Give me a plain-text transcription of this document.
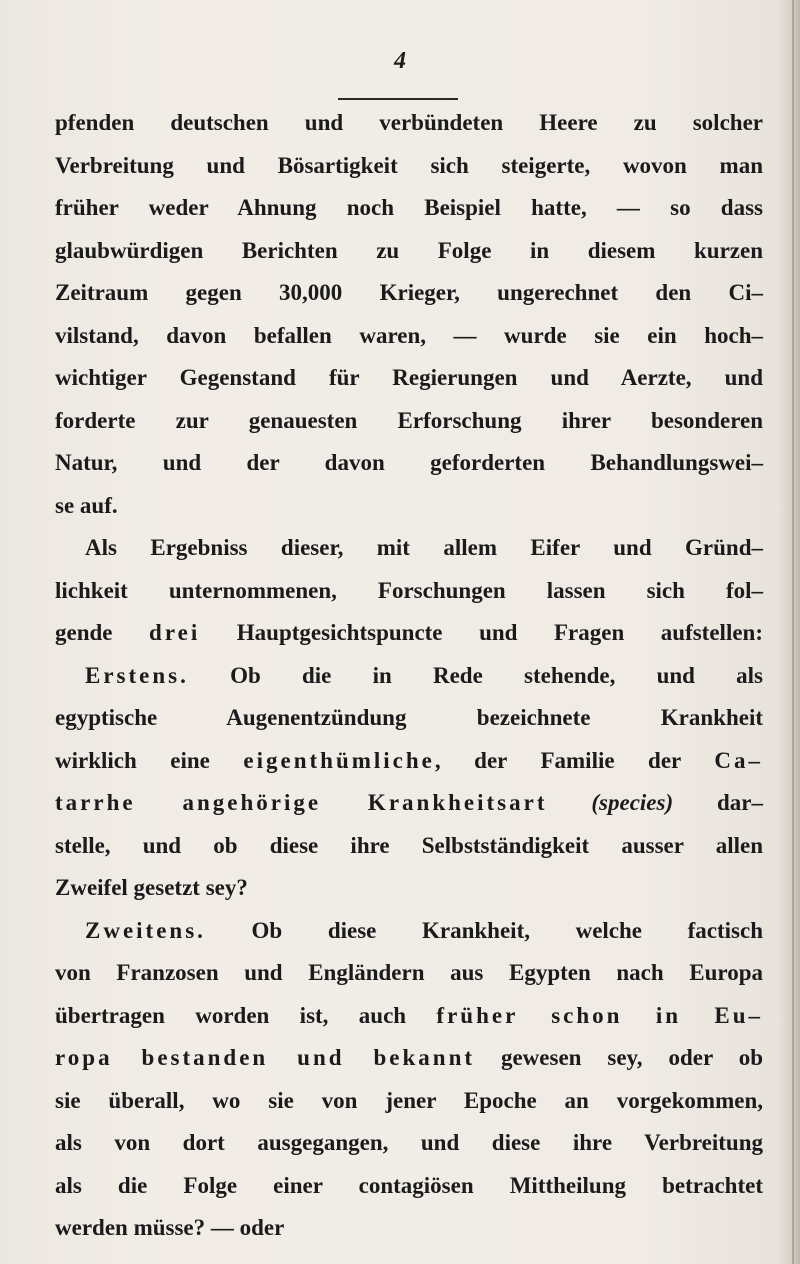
4
pfenden deutschen und verbündeten Heere zu solcher
Verbreitung und Bösartigkeit sich steigerte, wovon man
früher weder Ahnung noch Beispiel hatte, — so dass
glaubwürdigen Berichten zu Folge in diesem kurzen
Zeitraum gegen 30,000 Krieger, ungerechnet den Ci–
vilstand, davon befallen waren, — wurde sie ein hoch–
wichtiger Gegenstand für Regierungen und Aerzte, und
forderte zur genauesten Erforschung ihrer besonderen
Natur, und der davon geforderten Behandlungswei–
se auf.
Als Ergebniss dieser, mit allem Eifer und Gründ–
lichkeit unternommenen, Forschungen lassen sich fol–
gende drei Hauptgesichtspuncte und Fragen aufstellen:
Erstens. Ob die in Rede stehende, und als
egyptische Augenentzündung bezeichnete Krankheit
wirklich eine eigenthümliche, der Familie der Ca–
tarrhe angehörige Krankheitsart (species) dar–
stelle, und ob diese ihre Selbstständigkeit ausser allen
Zweifel gesetzt sey?
Zweitens. Ob diese Krankheit, welche factisch
von Franzosen und Engländern aus Egypten nach Europa
übertragen worden ist, auch früher schon in Eu–
ropa bestanden und bekannt gewesen sey, oder ob
sie überall, wo sie von jener Epoche an vorgekommen,
als von dort ausgegangen, und diese ihre Verbreitung
als die Folge einer contagiösen Mittheilung betrachtet
werden müsse? — oder
